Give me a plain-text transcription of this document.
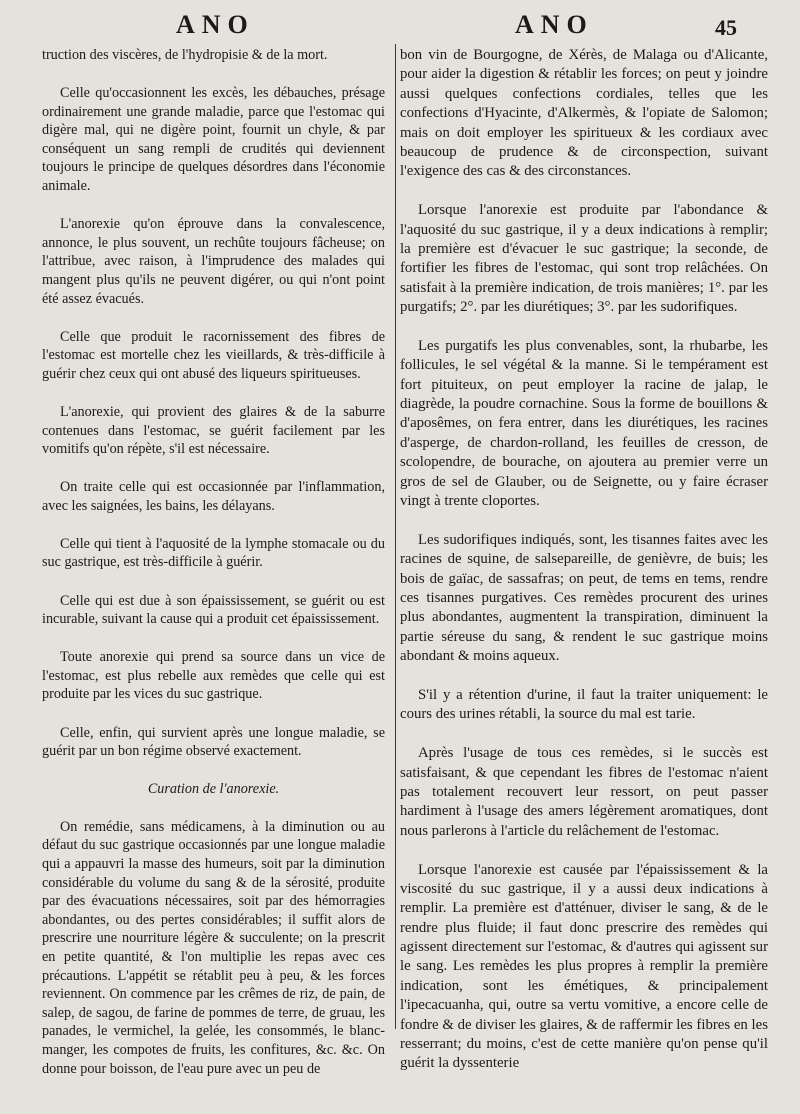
ANO	ANO	45

truction des viscères, de l'hydropisie & de la mort.

Celle qu'occasionnent les excès, les débauches, présage ordinairement une grande maladie, parce que l'estomac qui digère mal, qui ne digère point, fournit un chyle, & par conséquent un sang rempli de crudités qui deviennent toujours le principe de quelques désordres dans l'économie animale.

L'anorexie qu'on éprouve dans la convalescence, annonce, le plus souvent, un rechûte toujours fâcheuse; on l'attribue, avec raison, à l'imprudence des malades qui mangent plus qu'ils ne peuvent digérer, ou qui n'ont point été assez évacués.

Celle que produit le racornissement des fibres de l'estomac est mortelle chez les vieillards, & très-difficile à guérir chez ceux qui ont abusé des liqueurs spiritueuses.

L'anorexie, qui provient des glaires & de la saburre contenues dans l'estomac, se guérit facilement par les vomitifs qu'on répète, s'il est nécessaire.

On traite celle qui est occasionnée par l'inflammation, avec les saignées, les bains, les délayans.

Celle qui tient à l'aquosité de la lymphe stomacale ou du suc gastrique, est très-difficile à guérir.

Celle qui est due à son épaississement, se guérit ou est incurable, suivant la cause qui a produit cet épaississement.

Toute anorexie qui prend sa source dans un vice de l'estomac, est plus rebelle aux remèdes que celle qui est produite par les vices du suc gastrique.

Celle, enfin, qui survient après une longue maladie, se guérit par un bon régime observé exactement.

Curation de l'anorexie.

On remédie, sans médicamens, à la diminution ou au défaut du suc gastrique occasionnés par une longue maladie qui a appauvri la masse des humeurs, soit par la diminution considérable du volume du sang & de la sérosité, produite par des évacuations nécessaires, soit par des hémorragies abondantes, ou des pertes considérables; il suffit alors de prescrire une nourriture légère & succulente; on la prescrit en petite quantité, & l'on multiplie les repas avec ces précautions. L'appétit se rétablit peu à peu, & les forces reviennent. On commence par les crêmes de riz, de pain, de salep, de sagou, de farine de pommes de terre, de gruau, les panades, le vermichel, la gelée, les consommés, le blanc-manger, les compotes de fruits, les confitures, &c. &c. On donne pour boisson, de l'eau pure avec un peu de

bon vin de Bourgogne, de Xérès, de Malaga ou d'Alicante, pour aider la digestion & rétablir les forces; on peut y joindre aussi quelques confections cordiales, telles que les confections d'Hyacinte, d'Alkermès, & l'opiate de Salomon; mais on doit employer les spiritueux & les cordiaux avec beaucoup de prudence & de circonspection, suivant l'exigence des cas & des circonstances.

Lorsque l'anorexie est produite par l'abondance & l'aquosité du suc gastrique, il y a deux indications à remplir; la première est d'évacuer le suc gastrique; la seconde, de fortifier les fibres de l'estomac, qui sont trop relâchées. On satisfait à la première indication, de trois manières; 1°. par les purgatifs; 2°. par les diurétiques; 3°. par les sudorifiques.

Les purgatifs les plus convenables, sont, la rhubarbe, les follicules, le sel végétal & la manne. Si le tempérament est fort pituiteux, on peut employer la racine de jalap, le diagrède, la poudre cornachine. Sous la forme de bouillons & d'aposêmes, on fera entrer, dans les diurétiques, les racines d'asperge, de chardon-rolland, les feuilles de cresson, de scolopendre, de bourache, on ajoutera au premier verre un gros de sel de Glauber, ou de Seignette, ou y faire écraser vingt à trente cloportes.

Les sudorifiques indiqués, sont, les tisannes faites avec les racines de squine, de salsepareille, de genièvre, de buis; les bois de gaïac, de sassafras; on peut, de tems en tems, rendre ces tisannes purgatives. Ces remèdes procurent des urines plus abondantes, augmentent la transpiration, diminuent la partie séreuse du sang, & rendent le suc gastrique moins abondant & moins aqueux.

S'il y a rétention d'urine, il faut la traiter uniquement: le cours des urines rétabli, la source du mal est tarie.

Après l'usage de tous ces remèdes, si le succès est satisfaisant, & que cependant les fibres de l'estomac n'aient pas totalement recouvert leur ressort, on peut passer hardiment à l'usage des amers légèrement aromatiques, dont nous parlerons à l'article du relâchement de l'estomac.

Lorsque l'anorexie est causée par l'épaississement & la viscosité du suc gastrique, il y a aussi deux indications à remplir. La première est d'atténuer, diviser le sang, & de le rendre plus fluide; il faut donc prescrire des remèdes qui agissent directement sur l'estomac, & d'autres qui agissent sur le sang. Les remèdes les plus propres à remplir la première indication, sont les émétiques, & principalement l'ipecacuanha, qui, outre sa vertu vomitive, a encore celle de fondre & de diviser les glaires, & de raffermir les fibres en les resserrant; du moins, c'est de cette manière qu'on pense qu'il guérit la dyssenterie
